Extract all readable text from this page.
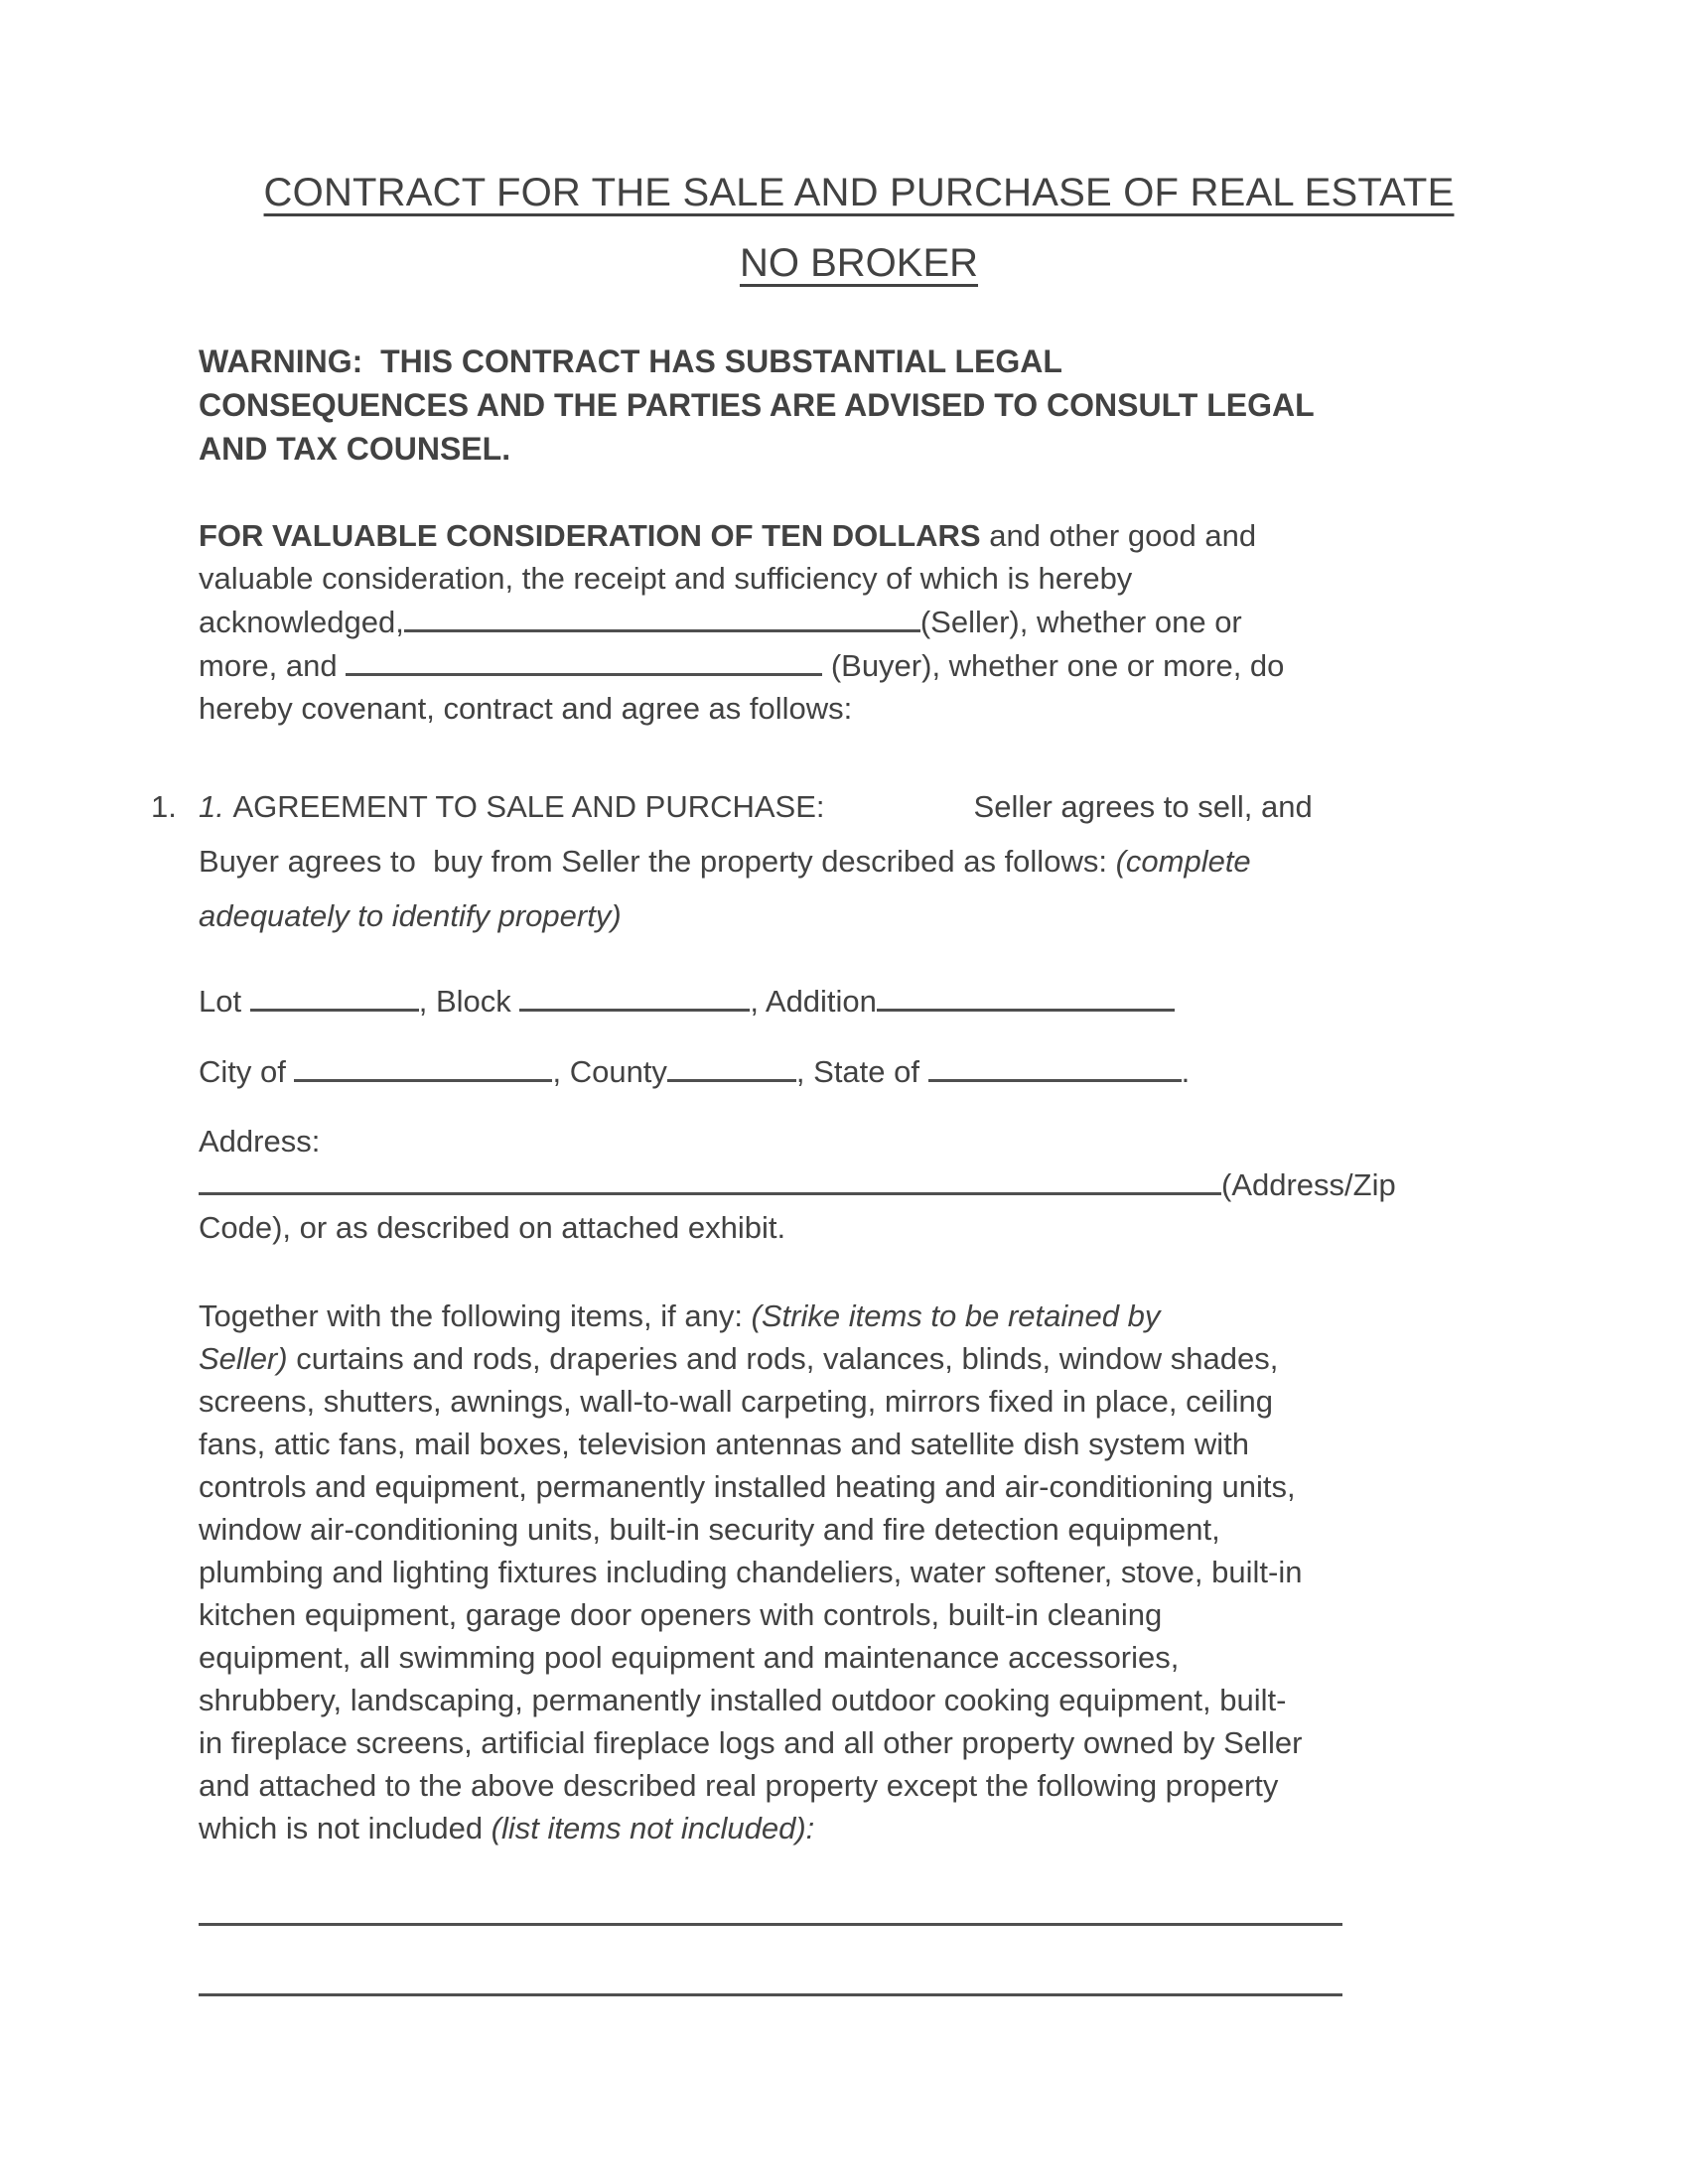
CONTRACT FOR THE SALE AND PURCHASE OF REAL ESTATE
NO BROKER
WARNING:  THIS CONTRACT HAS SUBSTANTIAL LEGAL
CONSEQUENCES AND THE PARTIES ARE ADVISED TO CONSULT LEGAL
AND TAX COUNSEL.
FOR VALUABLE CONSIDERATION OF TEN DOLLARS and other good and
valuable consideration, the receipt and sufficiency of which is hereby
acknowledged,	(Seller), whether one or
more, and	(Buyer), whether one or more, do
hereby covenant, contract and agree as follows:
1. 1. AGREEMENT TO SALE AND PURCHASE:	Seller agrees to sell, and
Buyer agrees to  buy from Seller the property described as follows: (complete
adequately to identify property)
Lot	, Block	, Addition
City of	, County	, State of	.
Address:
(Address/Zip
Code), or as described on attached exhibit.
Together with the following items, if any: (Strike items to be retained by
Seller) curtains and rods, draperies and rods, valances, blinds, window shades,
screens, shutters, awnings, wall-to-wall carpeting, mirrors fixed in place, ceiling
fans, attic fans, mail boxes, television antennas and satellite dish system with
controls and equipment, permanently installed heating and air-conditioning units,
window air-conditioning units, built-in security and fire detection equipment,
plumbing and lighting fixtures including chandeliers, water softener, stove, built-in
kitchen equipment, garage door openers with controls, built-in cleaning
equipment, all swimming pool equipment and maintenance accessories,
shrubbery, landscaping, permanently installed outdoor cooking equipment, built-
in fireplace screens, artificial fireplace logs and all other property owned by Seller
and attached to the above described real property except the following property
which is not included (list items not included):
